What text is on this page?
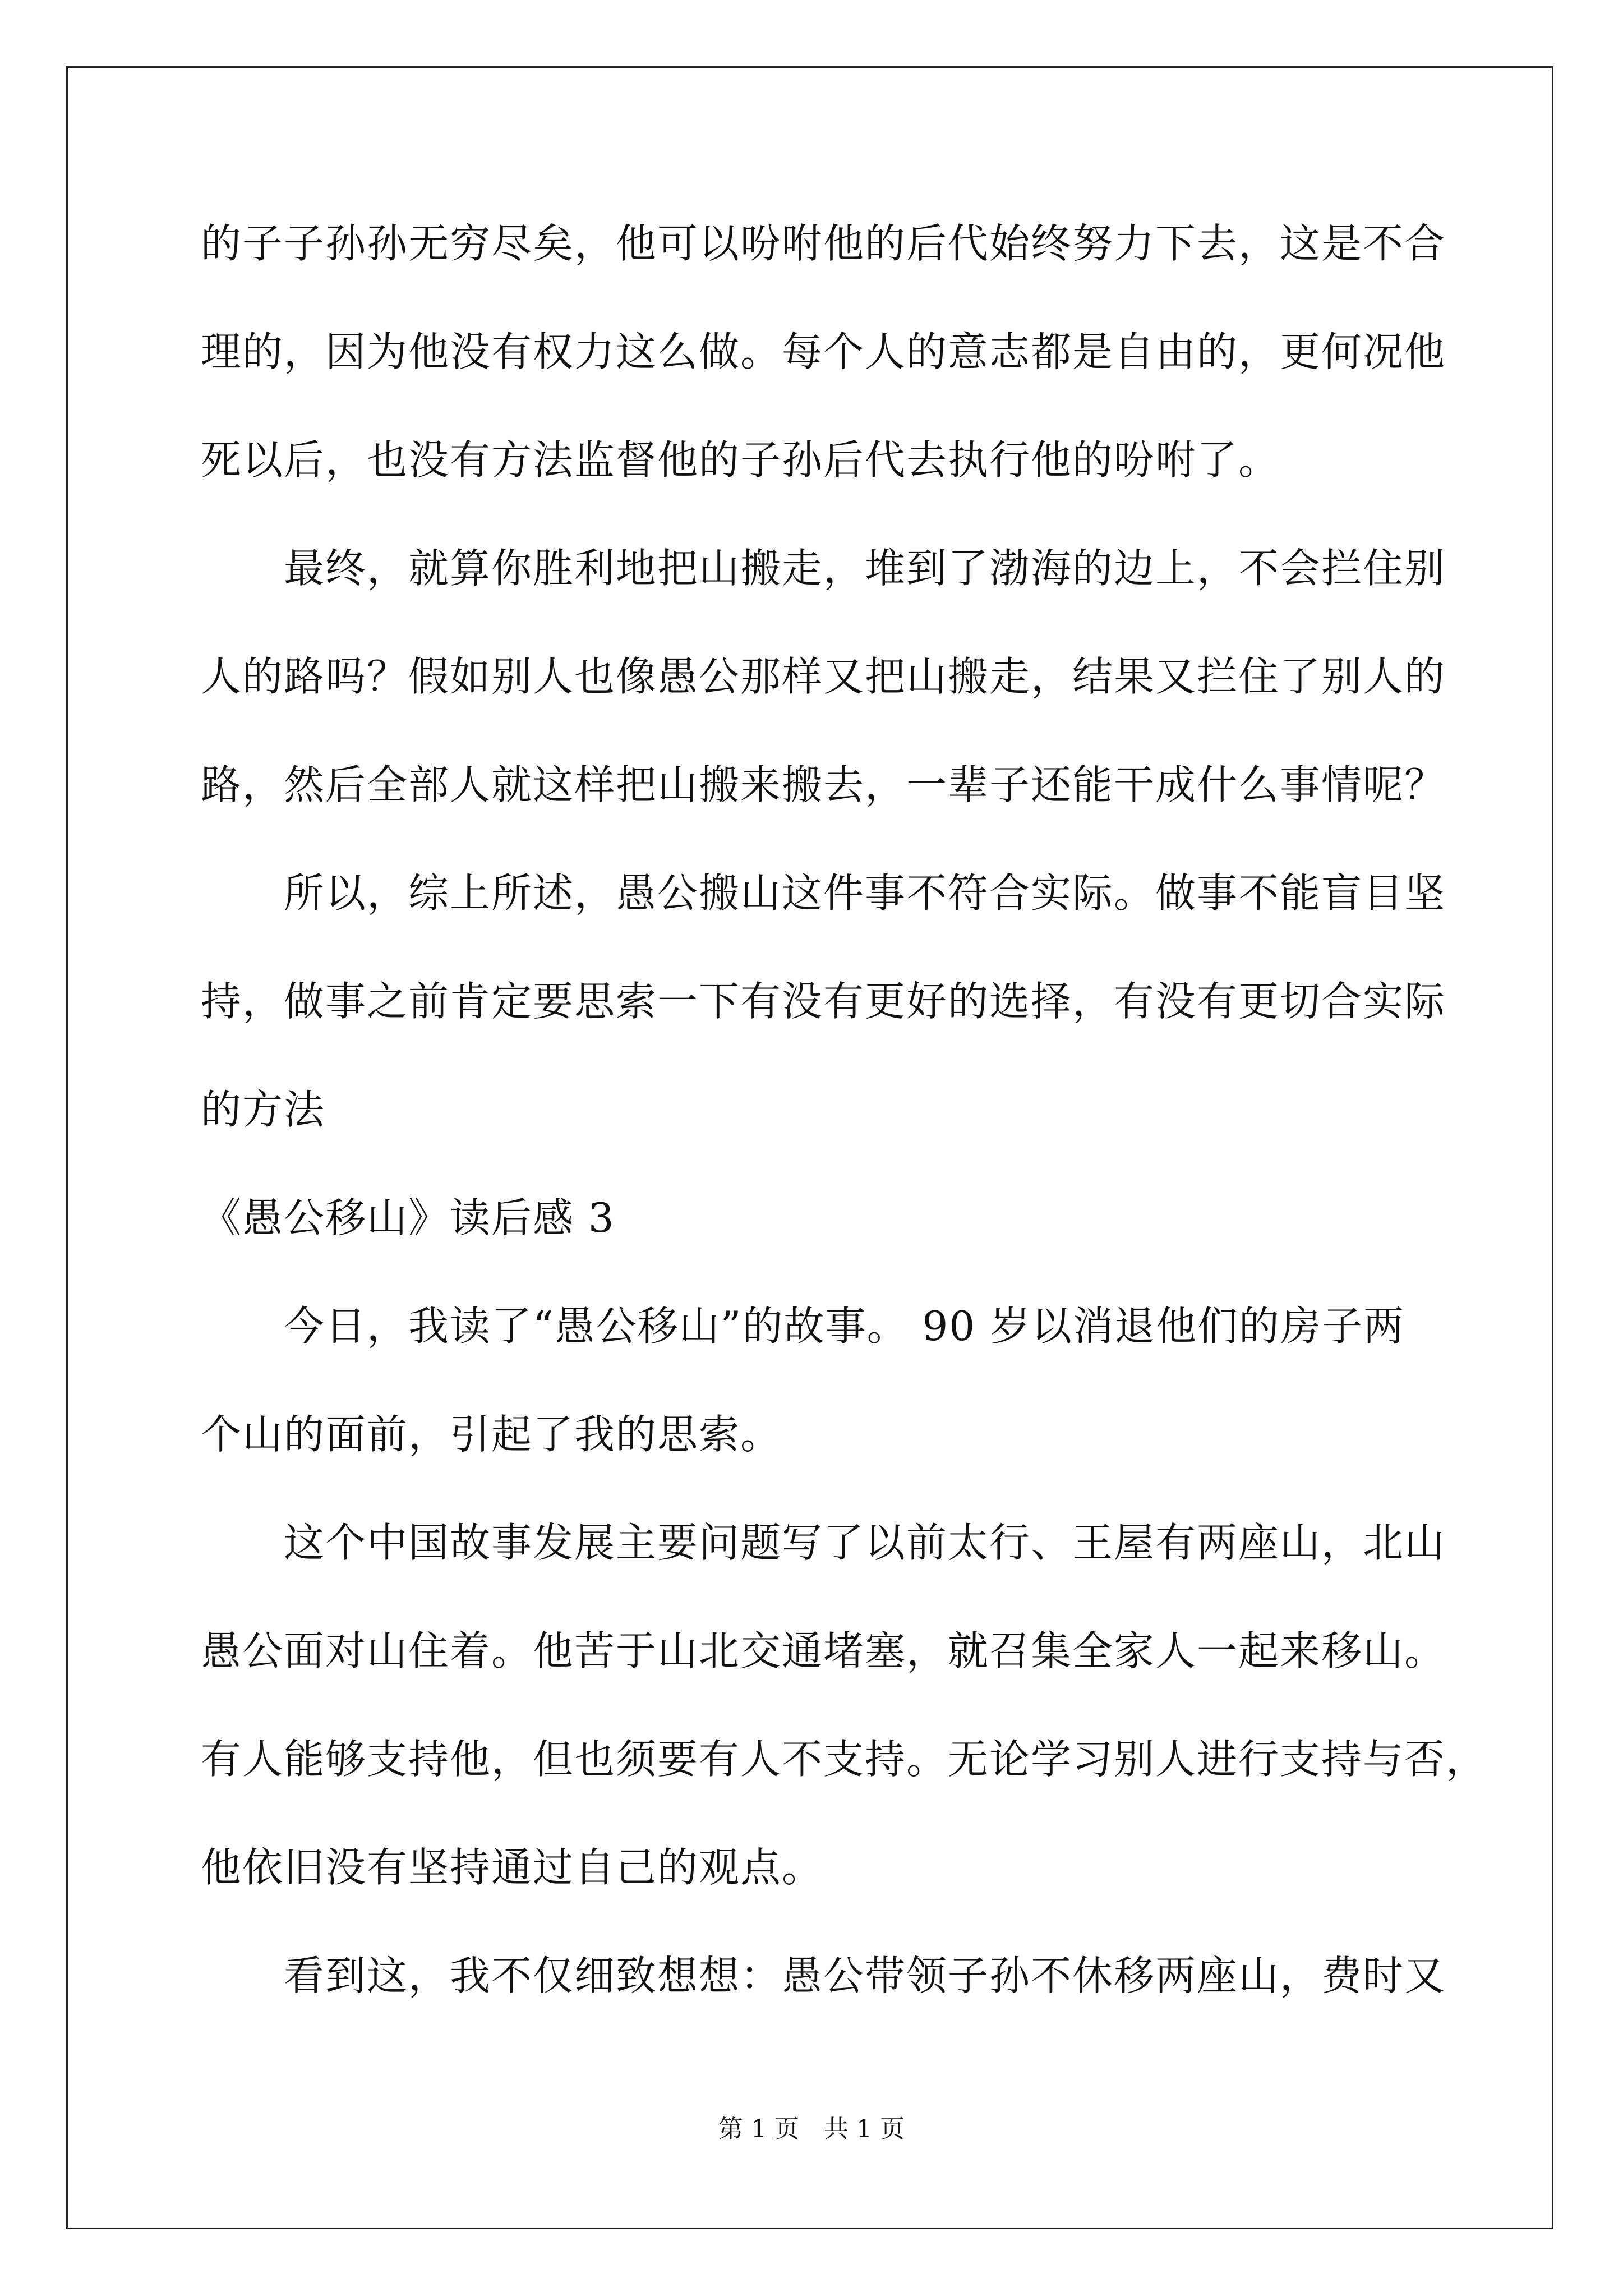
的子子孙孙无穷尽矣，他可以吩咐他的后代始终努力下去，这是不合

理的，因为他没有权力这么做。每个人的意志都是自由的，更何况他

死以后，也没有方法监督他的子孙后代去执行他的吩咐了。

最终，就算你胜利地把山搬走，堆到了渤海的边上，不会拦住别

人的路吗？假如别人也像愚公那样又把山搬走，结果又拦住了别人的

路，然后全部人就这样把山搬来搬去，一辈子还能干成什么事情呢？

所以，综上所述，愚公搬山这件事不符合实际。做事不能盲目坚

持，做事之前肯定要思索一下有没有更好的选择，有没有更切合实际

的方法

《愚公移山》读后感 3

今日，我读了“愚公移山”的故事。 90 岁以消退他们的房子两

个山的面前，引起了我的思索。

这个中国故事发展主要问题写了以前太行、王屋有两座山，北山

愚公面对山住着。他苦于山北交通堵塞，就召集全家人一起来移山。

有人能够支持他，但也须要有人不支持。无论学习别人进行支持与否，

他依旧没有坚持通过自己的观点。

看到这，我不仅细致想想：愚公带领子孙不休移两座山，费时又

第 1 页　共 1 页
